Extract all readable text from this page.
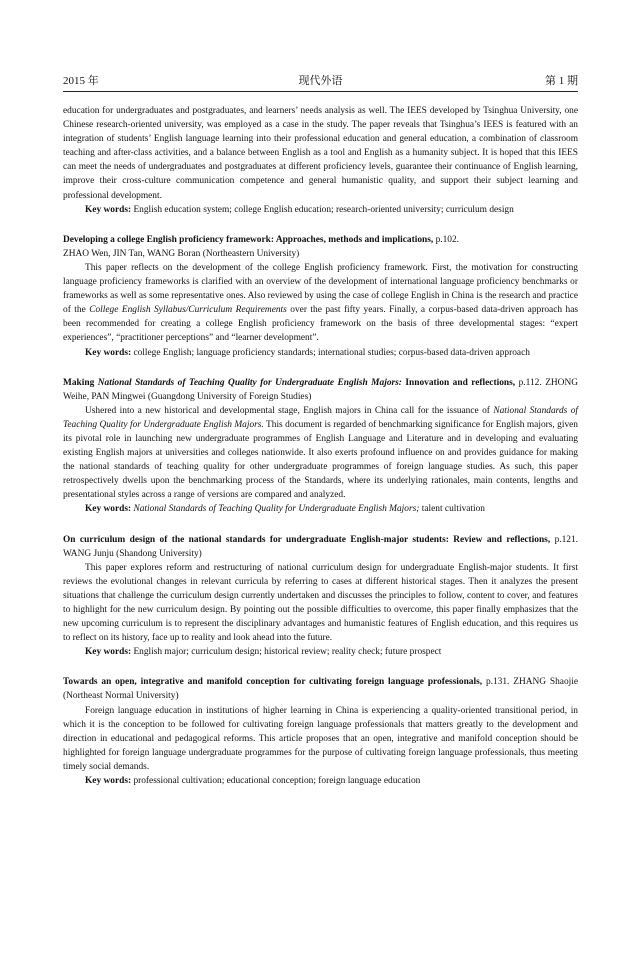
2015 年	现代外语	第 1 期

education for undergraduates and postgraduates, and learners’ needs analysis as well. The IEES developed by Tsinghua University, one Chinese research-oriented university, was employed as a case in the study. The paper reveals that Tsinghua’s IEES is featured with an integration of students’ English language learning into their professional education and general education, a combination of classroom teaching and after-class activities, and a balance between English as a tool and English as a humanity subject. It is hoped that this IEES can meet the needs of undergraduates and postgraduates at different proficiency levels, guarantee their continuance of English learning, improve their cross-culture communication competence and general humanistic quality, and support their subject learning and professional development.

Key words: English education system; college English education; research-oriented university; curriculum design

Developing a college English proficiency framework: Approaches, methods and implications, p.102.

ZHAO Wen, JIN Tan, WANG Boran (Northeastern University)

This paper reflects on the development of the college English proficiency framework. First, the motivation for constructing language proficiency frameworks is clarified with an overview of the development of international language proficiency benchmarks or frameworks as well as some representative ones. Also reviewed by using the case of college English in China is the research and practice of the College English Syllabus/Curriculum Requirements over the past fifty years. Finally, a corpus-based data-driven approach has been recommended for creating a college English proficiency framework on the basis of three developmental stages: “expert experiences”, “practitioner perceptions” and “learner development”.

Key words: college English; language proficiency standards; international studies; corpus-based data-driven approach

Making National Standards of Teaching Quality for Undergraduate English Majors: Innovation and reflections, p.112. ZHONG Weihe, PAN Mingwei (Guangdong University of Foreign Studies)

Ushered into a new historical and developmental stage, English majors in China call for the issuance of National Standards of Teaching Quality for Undergraduate English Majors. This document is regarded of benchmarking significance for English majors, given its pivotal role in launching new undergraduate programmes of English Language and Literature and in developing and evaluating existing English majors at universities and colleges nationwide. It also exerts profound influence on and provides guidance for making the national standards of teaching quality for other undergraduate programmes of foreign language studies. As such, this paper retrospectively dwells upon the benchmarking process of the Standards, where its underlying rationales, main contents, lengths and presentational styles across a range of versions are compared and analyzed.

Key words: National Standards of Teaching Quality for Undergraduate English Majors; talent cultivation

On curriculum design of the national standards for undergraduate English-major students: Review and reflections, p.121. WANG Junju (Shandong University)

This paper explores reform and restructuring of national curriculum design for undergraduate English-major students. It first reviews the evolutional changes in relevant curricula by referring to cases at different historical stages. Then it analyzes the present situations that challenge the curriculum design currently undertaken and discusses the principles to follow, content to cover, and features to highlight for the new curriculum design. By pointing out the possible difficulties to overcome, this paper finally emphasizes that the new upcoming curriculum is to represent the disciplinary advantages and humanistic features of English education, and this requires us to reflect on its history, face up to reality and look ahead into the future.

Key words: English major; curriculum design; historical review; reality check; future prospect

Towards an open, integrative and manifold conception for cultivating foreign language professionals, p.131. ZHANG Shaojie (Northeast Normal University)

Foreign language education in institutions of higher learning in China is experiencing a quality-oriented transitional period, in which it is the conception to be followed for cultivating foreign language professionals that matters greatly to the development and direction in educational and pedagogical reforms. This article proposes that an open, integrative and manifold conception should be highlighted for foreign language undergraduate programmes for the purpose of cultivating foreign language professionals, thus meeting timely social demands.

Key words: professional cultivation; educational conception; foreign language education
